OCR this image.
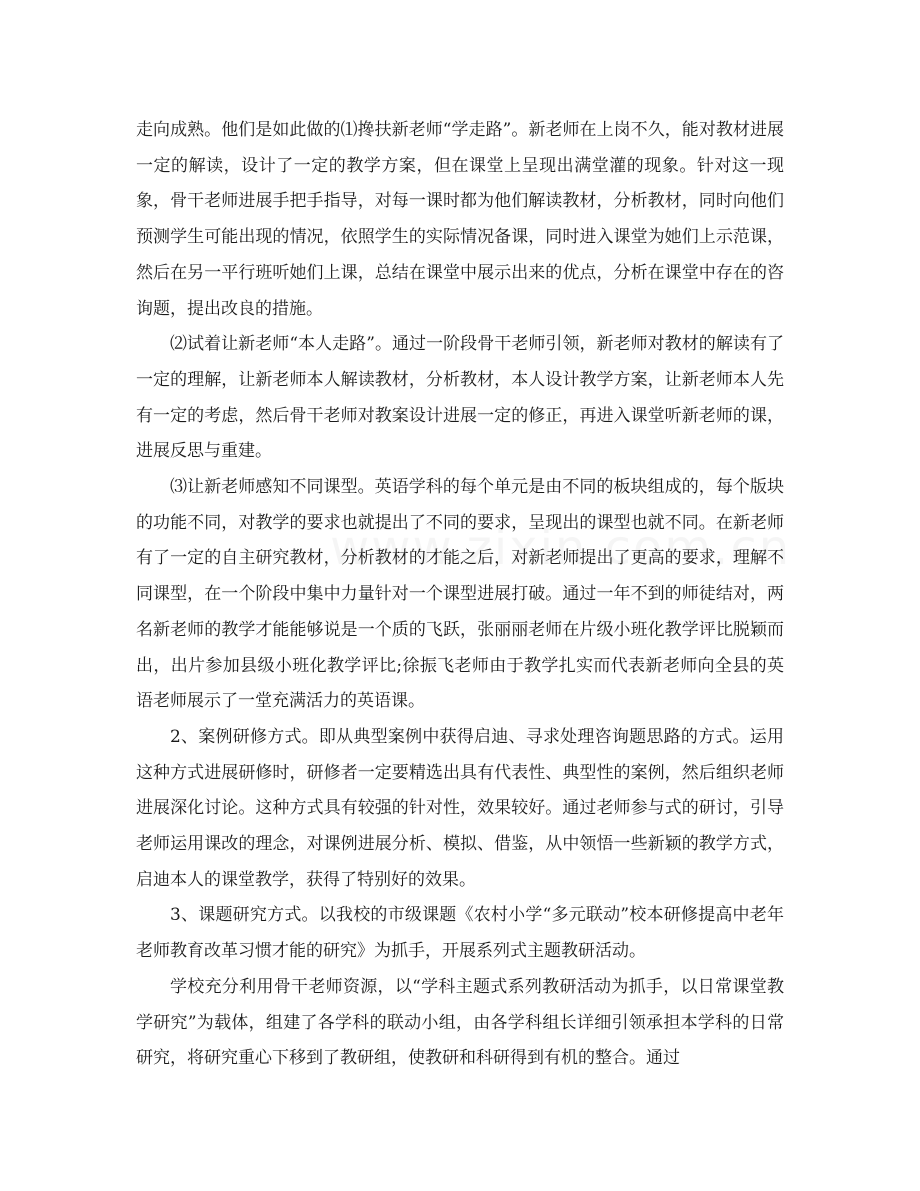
走向成熟。他们是如此做的⑴搀扶新老师“学走路”。新老师在上岗不久，能对教材进展一定的解读，设计了一定的教学方案，但在课堂上呈现出满堂灌的现象。针对这一现象，骨干老师进展手把手指导，对每一课时都为他们解读教材，分析教材，同时向他们预测学生可能出现的情况，依照学生的实际情况备课，同时进入课堂为她们上示范课，然后在另一平行班听她们上课，总结在课堂中展示出来的优点，分析在课堂中存在的咨询题，提出改良的措施。

⑵试着让新老师“本人走路”。通过一阶段骨干老师引领，新老师对教材的解读有了一定的理解，让新老师本人解读教材，分析教材，本人设计教学方案，让新老师本人先有一定的考虑，然后骨干老师对教案设计进展一定的修正，再进入课堂听新老师的课，进展反思与重建。

⑶让新老师感知不同课型。英语学科的每个单元是由不同的板块组成的，每个版块的功能不同，对教学的要求也就提出了不同的要求，呈现出的课型也就不同。在新老师有了一定的自主研究教材，分析教材的才能之后，对新老师提出了更高的要求，理解不同课型，在一个阶段中集中力量针对一个课型进展打破。通过一年不到的师徒结对，两名新老师的教学才能能够说是一个质的飞跃，张丽丽老师在片级小班化教学评比脱颖而出，出片参加县级小班化教学评比;徐振飞老师由于教学扎实而代表新老师向全县的英语老师展示了一堂充满活力的英语课。

2、案例研修方式。即从典型案例中获得启迪、寻求处理咨询题思路的方式。运用这种方式进展研修时，研修者一定要精选出具有代表性、典型性的案例，然后组织老师进展深化讨论。这种方式具有较强的针对性，效果较好。通过老师参与式的研讨，引导老师运用课改的理念，对课例进展分析、模拟、借鉴，从中领悟一些新颖的教学方式，启迪本人的课堂教学，获得了特别好的效果。

3、课题研究方式。以我校的市级课题《农村小学“多元联动”校本研修提高中老年老师教育改革习惯才能的研究》为抓手，开展系列式主题教研活动。

学校充分利用骨干老师资源，以“学科主题式系列教研活动为抓手，以日常课堂教学研究”为载体，组建了各学科的联动小组，由各学科组长详细引领承担本学科的日常研究，将研究重心下移到了教研组，使教研和科研得到有机的整合。通过
